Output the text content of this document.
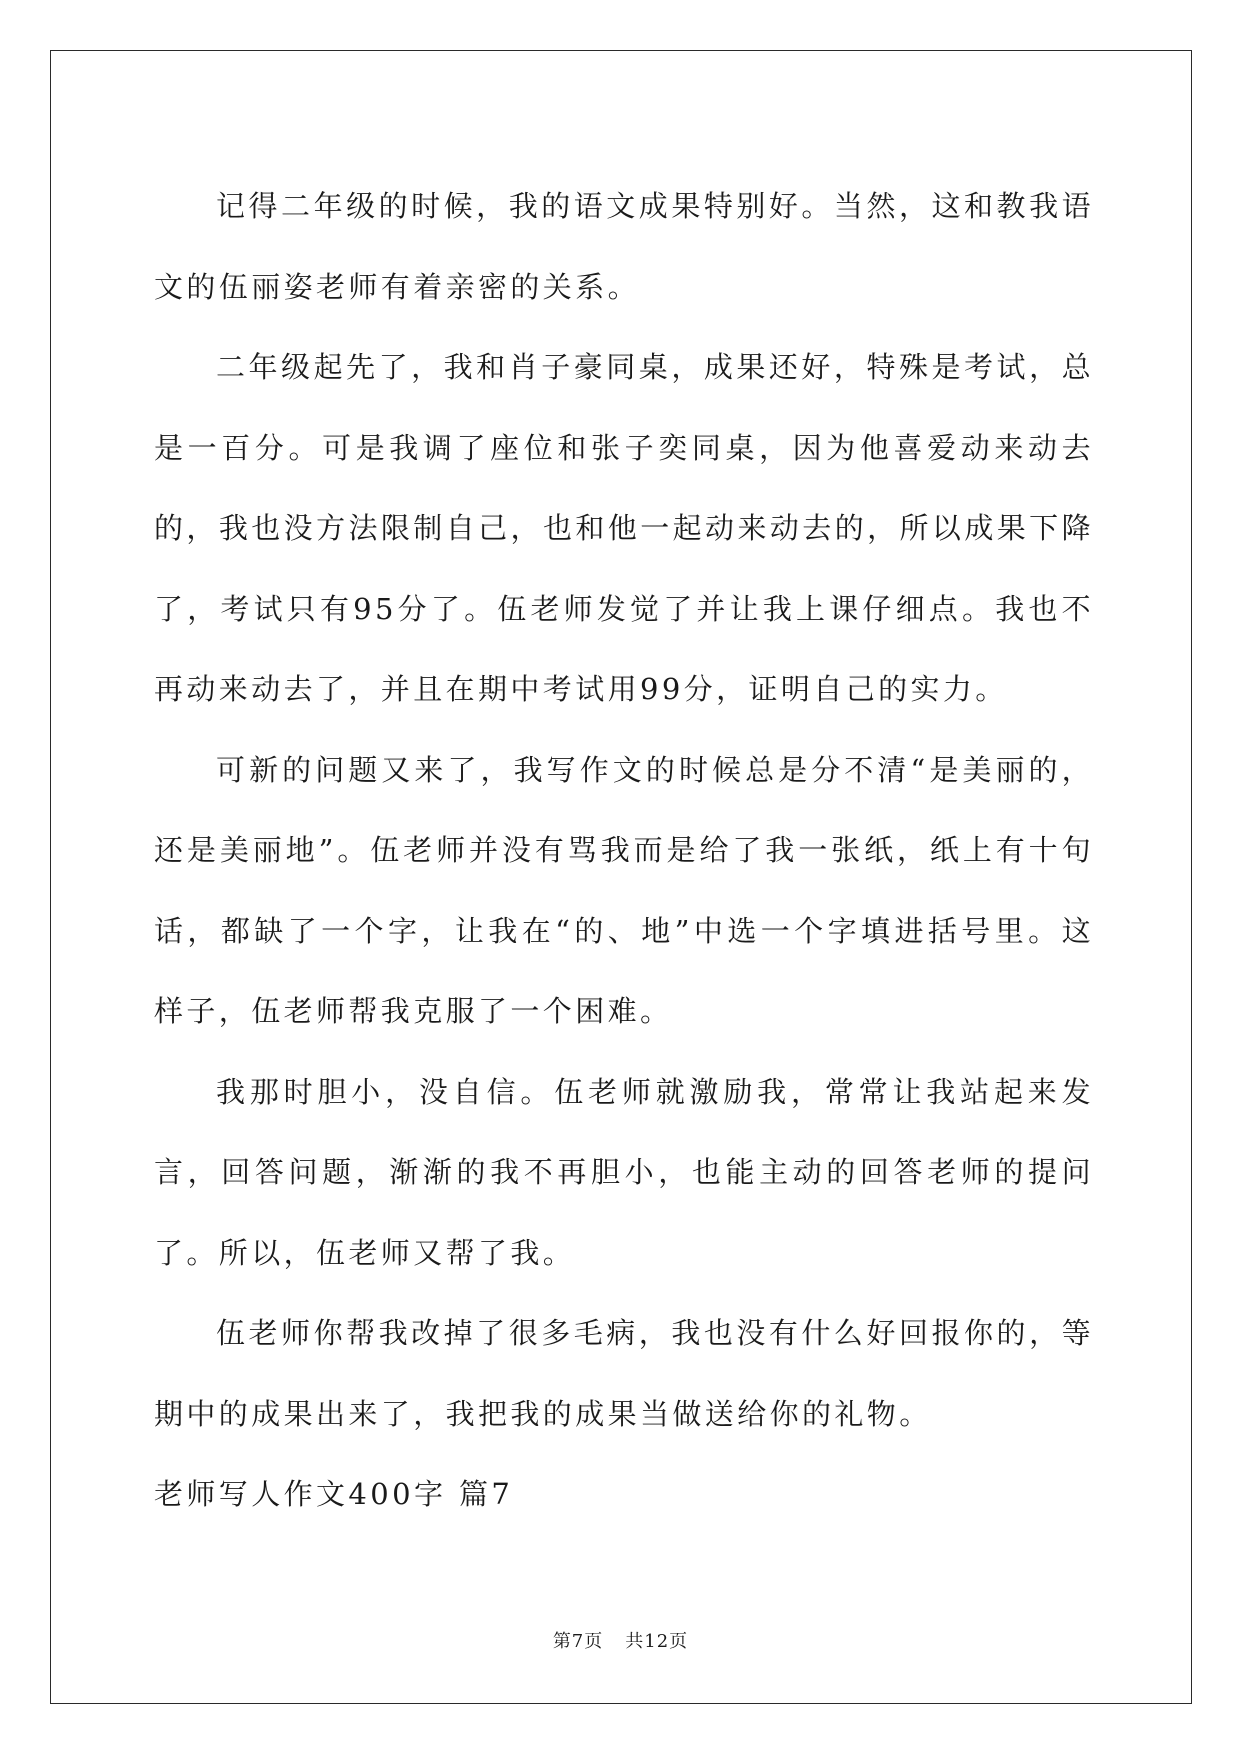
记得二年级的时候，我的语文成果特别好。当然，这和教我语文的伍丽姿老师有着亲密的关系。

二年级起先了，我和肖子豪同桌，成果还好，特殊是考试，总是一百分。可是我调了座位和张子奕同桌，因为他喜爱动来动去的，我也没方法限制自己，也和他一起动来动去的，所以成果下降了，考试只有95分了。伍老师发觉了并让我上课仔细点。我也不再动来动去了，并且在期中考试用99分，证明自己的实力。

可新的问题又来了，我写作文的时候总是分不清“是美丽的，还是美丽地”。伍老师并没有骂我而是给了我一张纸，纸上有十句话，都缺了一个字，让我在“的、地”中选一个字填进括号里。这样子，伍老师帮我克服了一个困难。

我那时胆小，没自信。伍老师就激励我，常常让我站起来发言，回答问题，渐渐的我不再胆小，也能主动的回答老师的提问了。所以，伍老师又帮了我。

伍老师你帮我改掉了很多毛病，我也没有什么好回报你的，等期中的成果出来了，我把我的成果当做送给你的礼物。

老师写人作文400字 篇7

第7页 共12页
